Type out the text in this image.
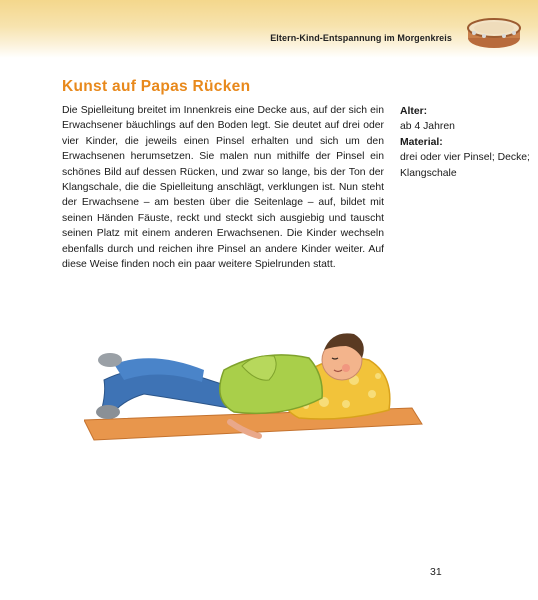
Eltern-Kind-Entspannung im Morgenkreis
Kunst auf Papas Rücken
Die Spielleitung breitet im Innenkreis eine Decke aus, auf der sich ein Erwachsener bäuchlings auf den Boden legt. Sie deutet auf drei oder vier Kinder, die jeweils einen Pinsel erhalten und sich um den Erwachsenen herumsetzen. Sie malen nun mithilfe der Pinsel ein schönes Bild auf dessen Rücken, und zwar so lange, bis der Ton der Klangschale, die die Spielleitung anschlägt, verklungen ist. Nun steht der Erwachsene – am besten über die Seitenlage – auf, bildet mit seinen Händen Fäuste, reckt und steckt sich ausgiebig und tauscht seinen Platz mit einem anderen Erwachsenen. Die Kinder wechseln ebenfalls durch und reichen ihre Pinsel an andere Kinder weiter. Auf diese Weise finden noch ein paar weitere Spielrunden statt.
Alter:
ab 4 Jahren
Material:
drei oder vier Pinsel; Decke; Klangschale
31
